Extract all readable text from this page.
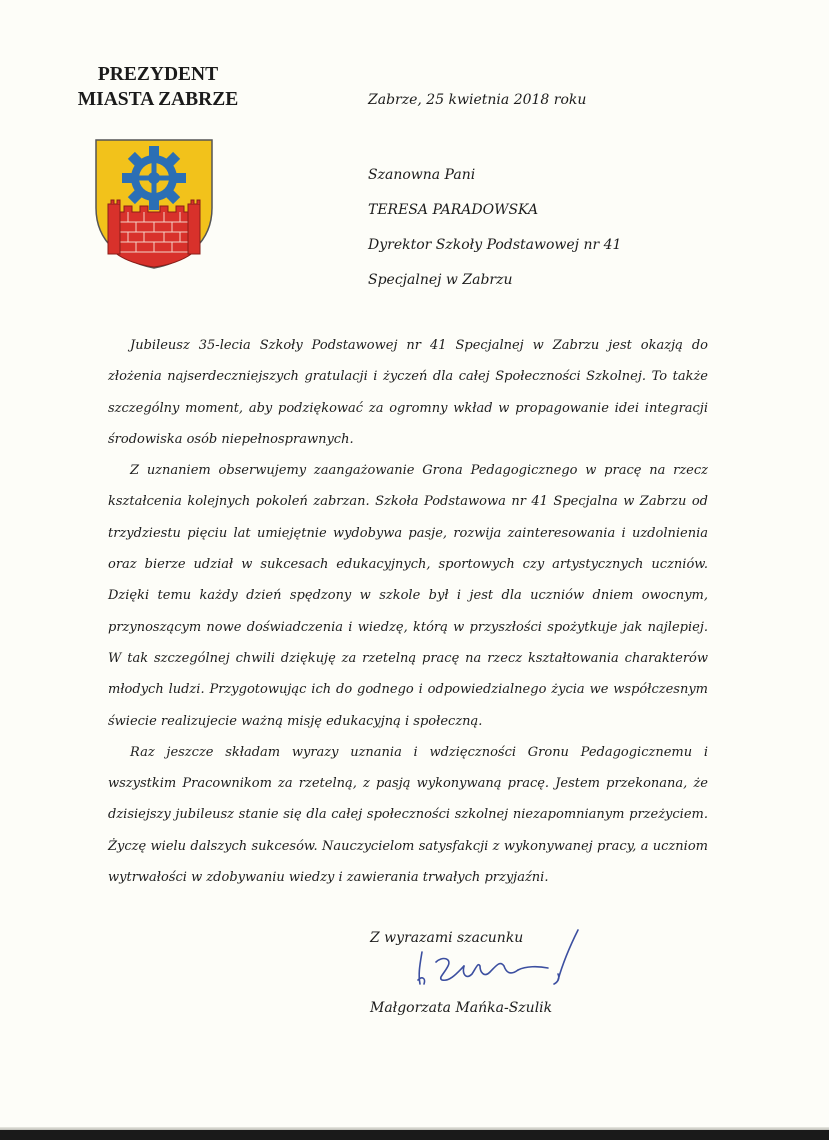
PREZYDENT
MIASTA ZABRZE	Zabrze, 25 kwietnia 2018 roku
Szanowna Pani
TERESA PARADOWSKA
Dyrektor Szkoły Podstawowej nr 41
Specjalnej w Zabrzu

Jubileusz 35-lecia Szkoły Podstawowej nr 41 Specjalnej w Zabrzu jest okazją do złożenia najserdeczniejszych gratulacji i życzeń dla całej Społeczności Szkolnej. To także szczególny moment, aby podziękować za ogromny wkład w propagowanie idei integracji środowiska osób niepełnosprawnych.

Z uznaniem obserwujemy zaangażowanie Grona Pedagogicznego w pracę na rzecz kształcenia kolejnych pokoleń zabrzan. Szkoła Podstawowa nr 41 Specjalna w Zabrzu od trzydziestu pięciu lat umiejętnie wydobywa pasje, rozwija zainteresowania i uzdolnienia oraz bierze udział w sukcesach edukacyjnych, sportowych czy artystycznych uczniów. Dzięki temu każdy dzień spędzony w szkole był i jest dla uczniów dniem owocnym, przynoszącym nowe doświadczenia i wiedzę, którą w przyszłości spożytkuje jak najlepiej. W tak szczególnej chwili dziękuję za rzetelną pracę na rzecz kształtowania charakterów młodych ludzi. Przygotowując ich do godnego i odpowiedzialnego życia we współczesnym świecie realizujecie ważną misję edukacyjną i społeczną.

Raz jeszcze składam wyrazy uznania i wdzięczności Gronu Pedagogicznemu i wszystkim Pracownikom za rzetelną, z pasją wykonywaną pracę. Jestem przekonana, że dzisiejszy jubileusz stanie się dla całej społeczności szkolnej niezapomnianym przeżyciem. Życzę wielu dalszych sukcesów. Nauczycielom satysfakcji z wykonywanej pracy, a uczniom wytrwałości w zdobywaniu wiedzy i zawierania trwałych przyjaźni.

Z wyrazami szacunku
Małgorzata Mańka-Szulik
